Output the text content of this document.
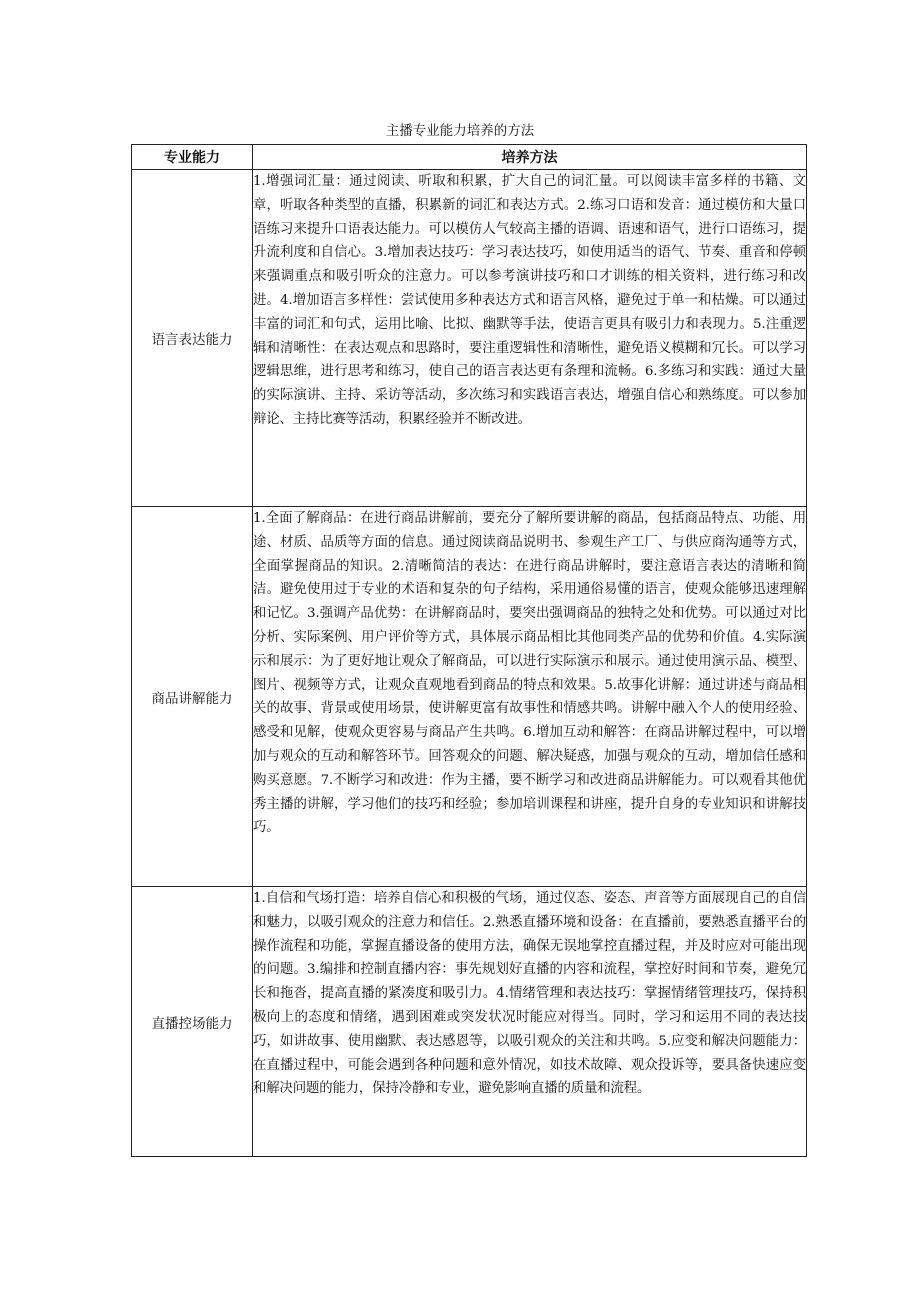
主播专业能力培养的方法
专业能力	培养方法
语言表达能力	1.增强词汇量：通过阅读、听取和积累，扩大自己的词汇量。可以阅读丰富多样的书籍、文章，听取各种类型的直播，积累新的词汇和表达方式。2.练习口语和发音：通过模仿和大量口语练习来提升口语表达能力。可以模仿人气较高主播的语调、语速和语气，进行口语练习，提升流利度和自信心。3.增加表达技巧：学习表达技巧，如使用适当的语气、节奏、重音和停顿来强调重点和吸引听众的注意力。可以参考演讲技巧和口才训练的相关资料，进行练习和改进。4.增加语言多样性：尝试使用多种表达方式和语言风格，避免过于单一和枯燥。可以通过丰富的词汇和句式，运用比喻、比拟、幽默等手法，使语言更具有吸引力和表现力。5.注重逻辑和清晰性：在表达观点和思路时，要注重逻辑性和清晰性，避免语义模糊和冗长。可以学习逻辑思维，进行思考和练习，使自己的语言表达更有条理和流畅。6.多练习和实践：通过大量的实际演讲、主持、采访等活动，多次练习和实践语言表达，增强自信心和熟练度。可以参加辩论、主持比赛等活动，积累经验并不断改进。
商品讲解能力	1.全面了解商品：在进行商品讲解前，要充分了解所要讲解的商品，包括商品特点、功能、用途、材质、品质等方面的信息。通过阅读商品说明书、参观生产工厂、与供应商沟通等方式，全面掌握商品的知识。2.清晰简洁的表达：在进行商品讲解时，要注意语言表达的清晰和简洁。避免使用过于专业的术语和复杂的句子结构，采用通俗易懂的语言，使观众能够迅速理解和记忆。3.强调产品优势：在讲解商品时，要突出强调商品的独特之处和优势。可以通过对比分析、实际案例、用户评价等方式，具体展示商品相比其他同类产品的优势和价值。4.实际演示和展示：为了更好地让观众了解商品，可以进行实际演示和展示。通过使用演示品、模型、图片、视频等方式，让观众直观地看到商品的特点和效果。5.故事化讲解：通过讲述与商品相关的故事、背景或使用场景，使讲解更富有故事性和情感共鸣。讲解中融入个人的使用经验、感受和见解，使观众更容易与商品产生共鸣。6.增加互动和解答：在商品讲解过程中，可以增加与观众的互动和解答环节。回答观众的问题、解决疑惑，加强与观众的互动，增加信任感和购买意愿。7.不断学习和改进：作为主播，要不断学习和改进商品讲解能力。可以观看其他优秀主播的讲解，学习他们的技巧和经验；参加培训课程和讲座，提升自身的专业知识和讲解技巧。
直播控场能力	1.自信和气场打造：培养自信心和积极的气场，通过仪态、姿态、声音等方面展现自己的自信和魅力，以吸引观众的注意力和信任。2.熟悉直播环境和设备：在直播前，要熟悉直播平台的操作流程和功能，掌握直播设备的使用方法，确保无误地掌控直播过程，并及时应对可能出现的问题。3.编排和控制直播内容：事先规划好直播的内容和流程，掌控好时间和节奏，避免冗长和拖沓，提高直播的紧凑度和吸引力。4.情绪管理和表达技巧：掌握情绪管理技巧，保持积极向上的态度和情绪，遇到困难或突发状况时能应对得当。同时，学习和运用不同的表达技巧，如讲故事、使用幽默、表达感恩等，以吸引观众的关注和共鸣。5.应变和解决问题能力：在直播过程中，可能会遇到各种问题和意外情况，如技术故障、观众投诉等，要具备快速应变和解决问题的能力，保持冷静和专业，避免影响直播的质量和流程。
